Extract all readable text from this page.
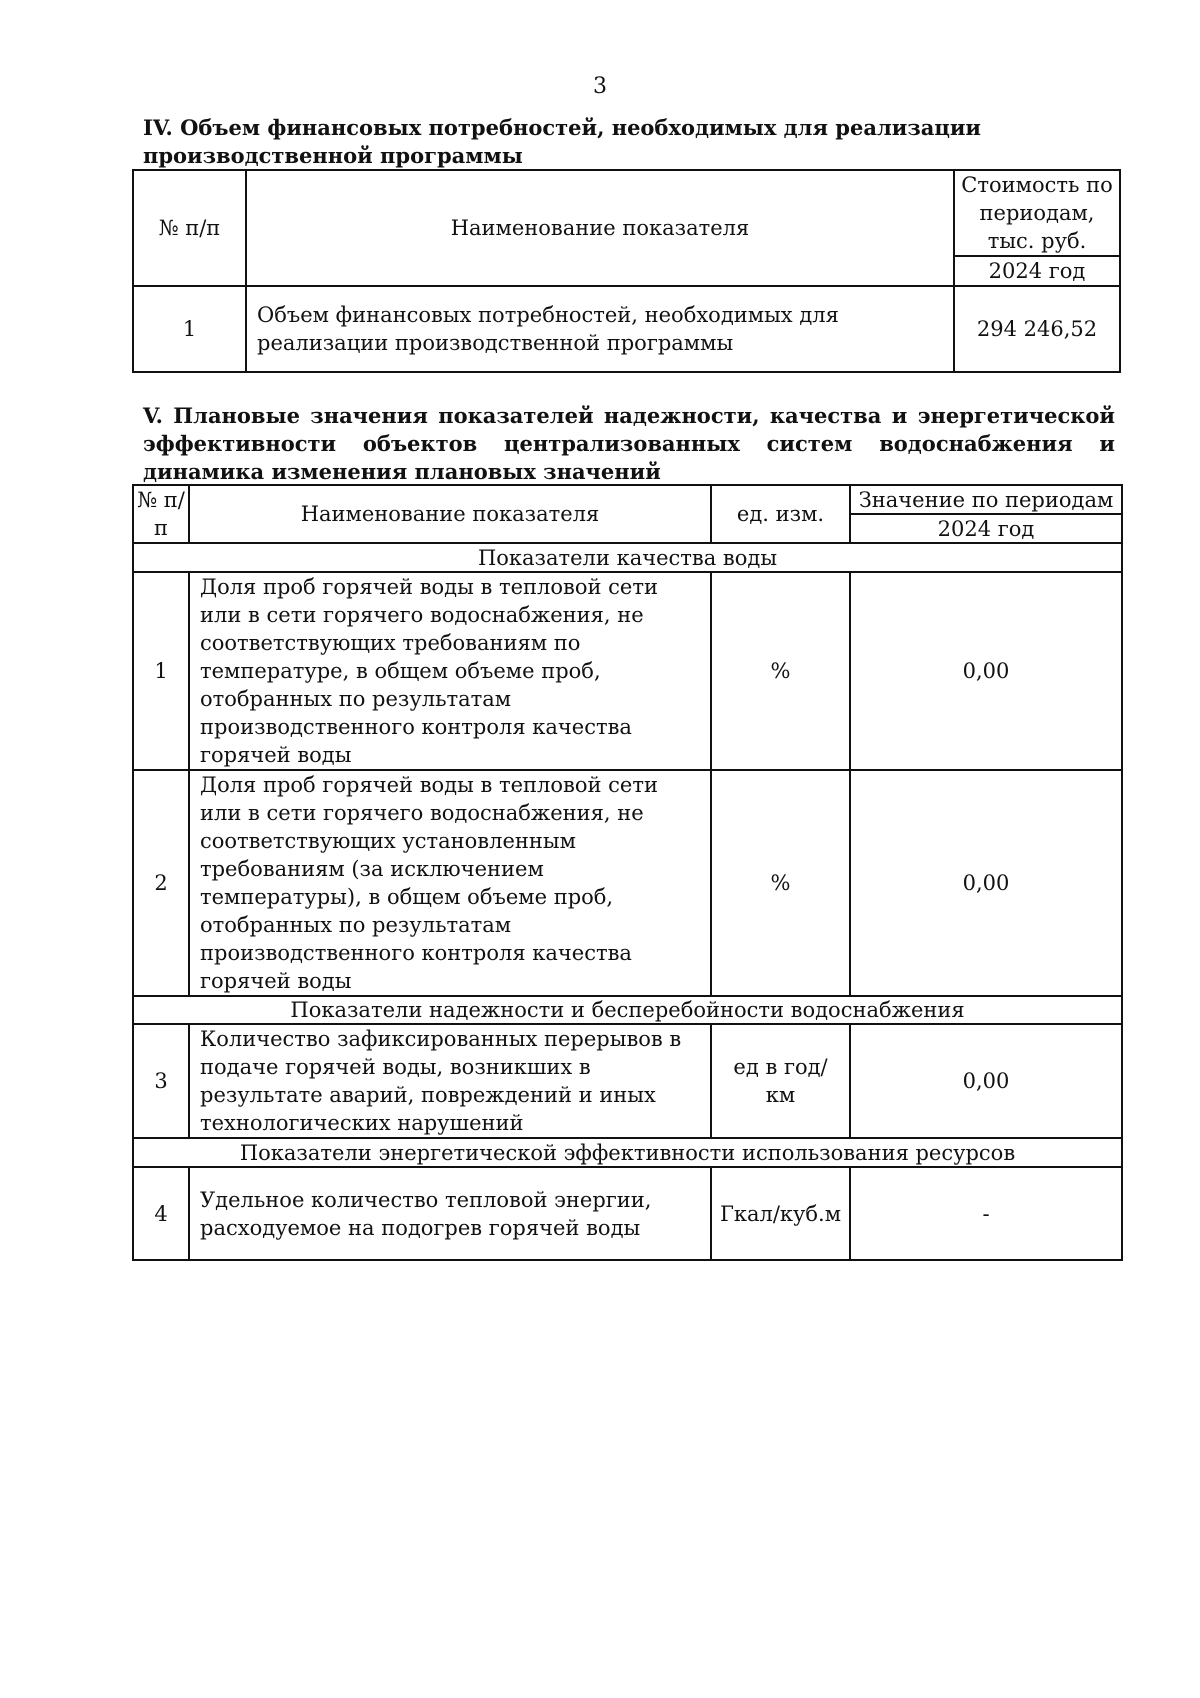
3
IV. Объем финансовых потребностей, необходимых для реализации производственной программы
№ п/п	Наименование показателя	Стоимость по периодам, тыс. руб.
		2024 год
1	Объем финансовых потребностей, необходимых для реализации производственной программы	294 246,52
V. Плановые значения показателей надежности, качества и энергетической эффективности объектов централизованных систем водоснабжения и динамика изменения плановых значений
№ п/п	Наименование показателя	ед. изм.	Значение по периодам
			2024 год
Показатели качества воды			
1	Доля проб горячей воды в тепловой сети или в сети горячего водоснабжения, не соответствующих требованиям по температуре, в общем объеме проб, отобранных по результатам производственного контроля качества горячей воды	%	0,00
2	Доля проб горячей воды в тепловой сети или в сети горячего водоснабжения, не соответствующих установленным требованиям (за исключением температуры), в общем объеме проб, отобранных по результатам производственного контроля качества горячей воды	%	0,00
Показатели надежности и бесперебойности водоснабжения			
3	Количество зафиксированных перерывов в подаче горячей воды, возникших в результате аварий, повреждений и иных технологических нарушений	ед в год/ км	0,00
Показатели энергетической эффективности использования ресурсов			
4	Удельное количество тепловой энергии, расходуемое на подогрев горячей воды	Гкал/куб.м	-
